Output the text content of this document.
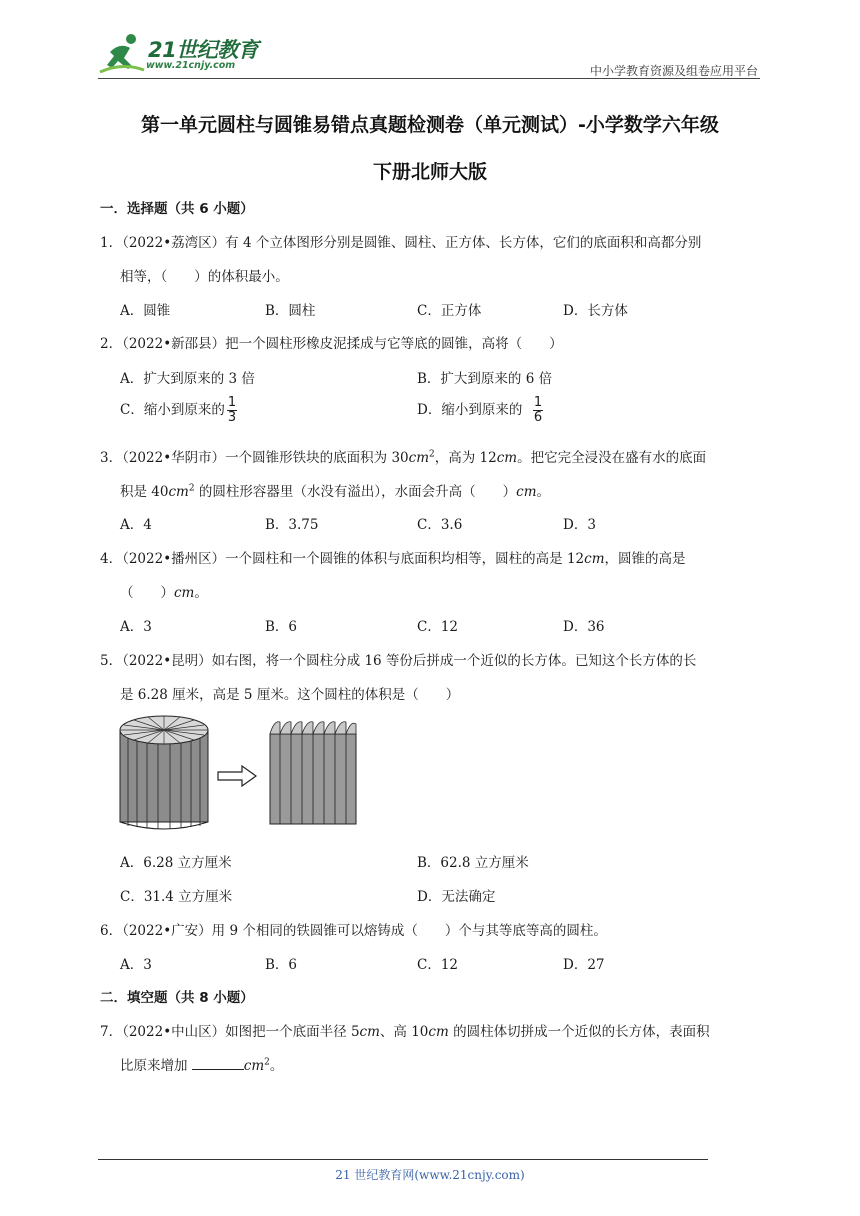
21世纪教育
www.21cnjy.com	中小学教育资源及组卷应用平台
第一单元圆柱与圆锥易错点真题检测卷（单元测试）-小学数学六年级
下册北师大版
一．选择题（共 6 小题）
1．（2022•荔湾区）有 4 个立体图形分别是圆锥、圆柱、正方体、长方体，它们的底面积和高都分别
相等，（　　）的体积最小。
A．圆锥	B．圆柱	C．正方体	D．长方体
2．（2022•新邵县）把一个圆柱形橡皮泥揉成与它等底的圆锥，高将（　　）
A．扩大到原来的 3 倍	B．扩大到原来的 6 倍
C．缩小到原来的 $\frac{1}{3}$	D．缩小到原来的 $\frac{1}{6}$
3．（2022•华阴市）一个圆锥形铁块的底面积为 $30cm^2$，高为 12cm。把它完全浸没在盛有水的底面
积是 $40cm^2$ 的圆柱形容器里（水没有溢出），水面会升高（　　）cm。
A．4	B．3.75	C．3.6	D．3
4．（2022•播州区）一个圆柱和一个圆锥的体积与底面积均相等，圆柱的高是 12cm，圆锥的高是
（　　）cm。
A．3	B．6	C．12	D．36
5．（2022•昆明）如右图，将一个圆柱分成 16 等份后拼成一个近似的长方体。已知这个长方体的长
是 6.28 厘米，高是 5 厘米。这个圆柱的体积是（　　）
A．6.28 立方厘米	B．62.8 立方厘米
C．31.4 立方厘米	D．无法确定
6．（2022•广安）用 9 个相同的铁圆锥可以熔铸成（　　）个与其等底等高的圆柱。
A．3	B．6	C．12	D．27
二．填空题（共 8 小题）
7．（2022•中山区）如图把一个底面半径 5cm、高 10cm 的圆柱体切拼成一个近似的长方体，表面积
比原来增加	$cm^2$。
21 世纪教育网(www.21cnjy.com)
